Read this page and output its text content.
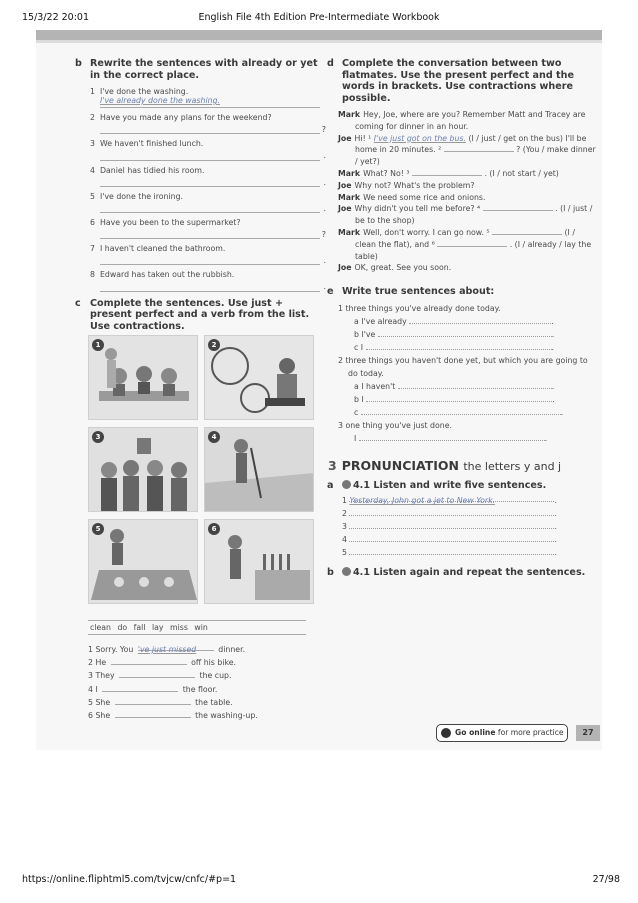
15/3/22 20:01	English File 4th Edition Pre-Intermediate Workbook
b Rewrite the sentences with already or yet in the correct place.
1 I've done the washing.
I've already done the washing.
2 Have you made any plans for the weekend?
?
3 We haven't finished lunch.
.
4 Daniel has tidied his room.
.
5 I've done the ironing.
.
6 Have you been to the supermarket?
?
7 I haven't cleaned the bathroom.
.
8 Edward has taken out the rubbish.
.
c Complete the sentences. Use just + present perfect and a verb from the list. Use contractions.
1	2
3	4
5	6
clean do fall lay miss win
1 Sorry. You 've just missed	dinner.
2 He	off his bike.
3 They	the cup.
4 I	the floor.
5 She	the table.
6 She	the washing-up.
d Complete the conversation between two flatmates. Use the present perfect and the words in brackets. Use contractions where possible.
Mark Hey, Joe, where are you? Remember Matt and Tracey are coming for dinner in an hour.
Joe Hi! ¹ I've just got on the bus. (I / just / get on the bus) I'll be home in 20 minutes. ²	? (You / make dinner / yet?)
Mark What? No! ³	. (I / not start / yet)
Joe Why not? What's the problem?
Mark We need some rice and onions.
Joe Why didn't you tell me before? ⁴	. (I / just / be to the shop)
Mark Well, don't worry. I can go now. ⁵	(I / clean the flat), and ⁶	. (I / already / lay the table)
Joe OK, great. See you soon.
e Write true sentences about:
1 three things you've already done today.
a I've already	.
b I've	.
c I	.
2 three things you haven't done yet, but which you are going to do today.
a I haven't	.
b I	.
c	.
3 one thing you've just done.
I	.
3 PRONUNCIATION the letters y and j
a	4.1 Listen and write five sentences.
1 Yesterday, John got a jet to New York.	.
2	.
3	.
4	.
5	.
b	4.1 Listen again and repeat the sentences.
Go online for more practice	27
https://online.fliphtml5.com/tvjcw/cnfc/#p=1	27/98
